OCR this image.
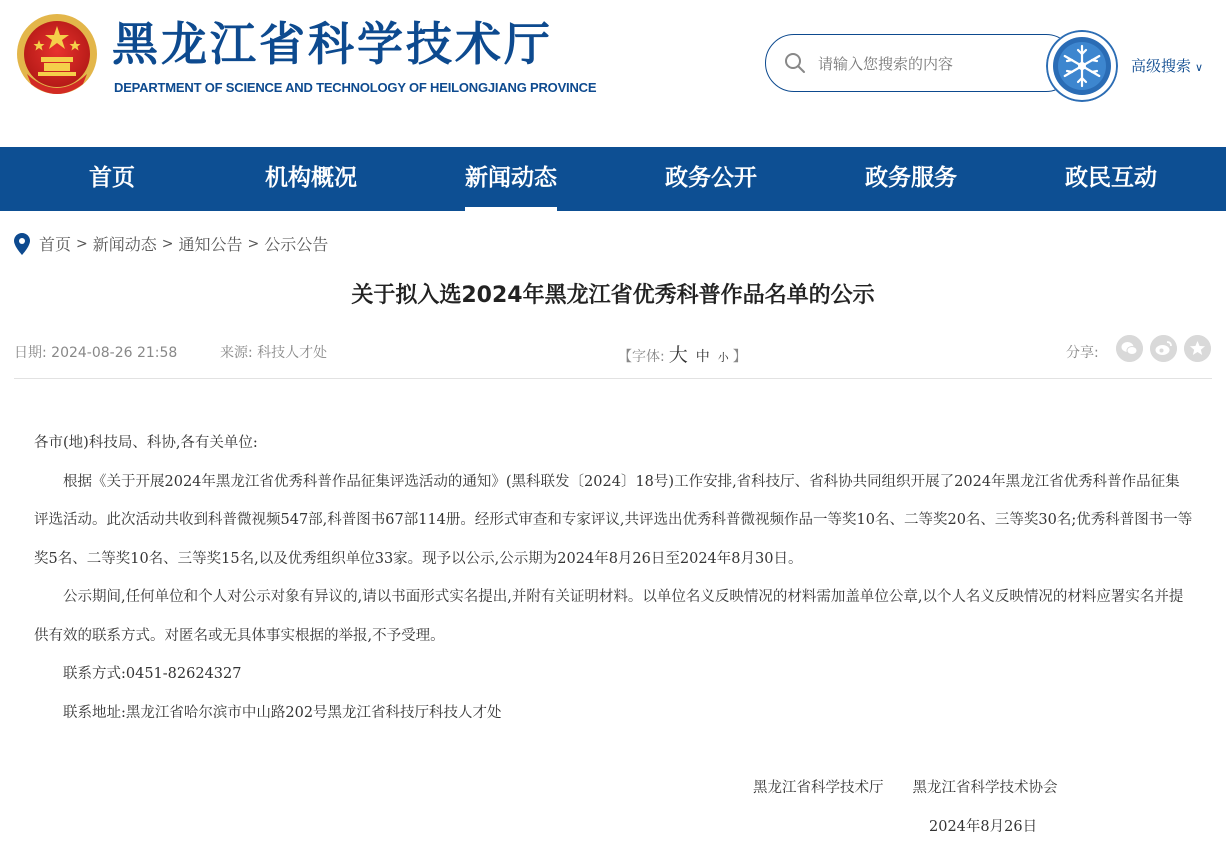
黑龙江省科学技术厅
DEPARTMENT OF SCIENCE AND TECHNOLOGY OF HEILONGJIANG PROVINCE
请输入您搜索的内容
高级搜索 ∨
首页	机构概况	新闻动态	政务公开	政务服务	政民互动
首页 > 新闻动态 > 通知公告 > 公示公告
关于拟入选2024年黑龙江省优秀科普作品名单的公示
日期: 2024-08-26 21:58	来源: 科技人才处	【字体: 大 中 小 】	分享:

各市(地)科技局、科协,各有关单位:

根据《关于开展2024年黑龙江省优秀科普作品征集评选活动的通知》(黑科联发〔2024〕18号)工作安排,省科技厅、省科协共同组织开展了2024年黑龙江省优秀科普作品征集评选活动。此次活动共收到科普微视频547部,科普图书67部114册。经形式审查和专家评议,共评选出优秀科普微视频作品一等奖10名、二等奖20名、三等奖30名;优秀科普图书一等奖5名、二等奖10名、三等奖15名,以及优秀组织单位33家。现予以公示,公示期为2024年8月26日至2024年8月30日。

公示期间,任何单位和个人对公示对象有异议的,请以书面形式实名提出,并附有关证明材料。以单位名义反映情况的材料需加盖单位公章,以个人名义反映情况的材料应署实名并提供有效的联系方式。对匿名或无具体事实根据的举报,不予受理。

联系方式:0451-82624327

联系地址:黑龙江省哈尔滨市中山路202号黑龙江省科技厅科技人才处

黑龙江省科学技术厅　　黑龙江省科学技术协会
2024年8月26日
